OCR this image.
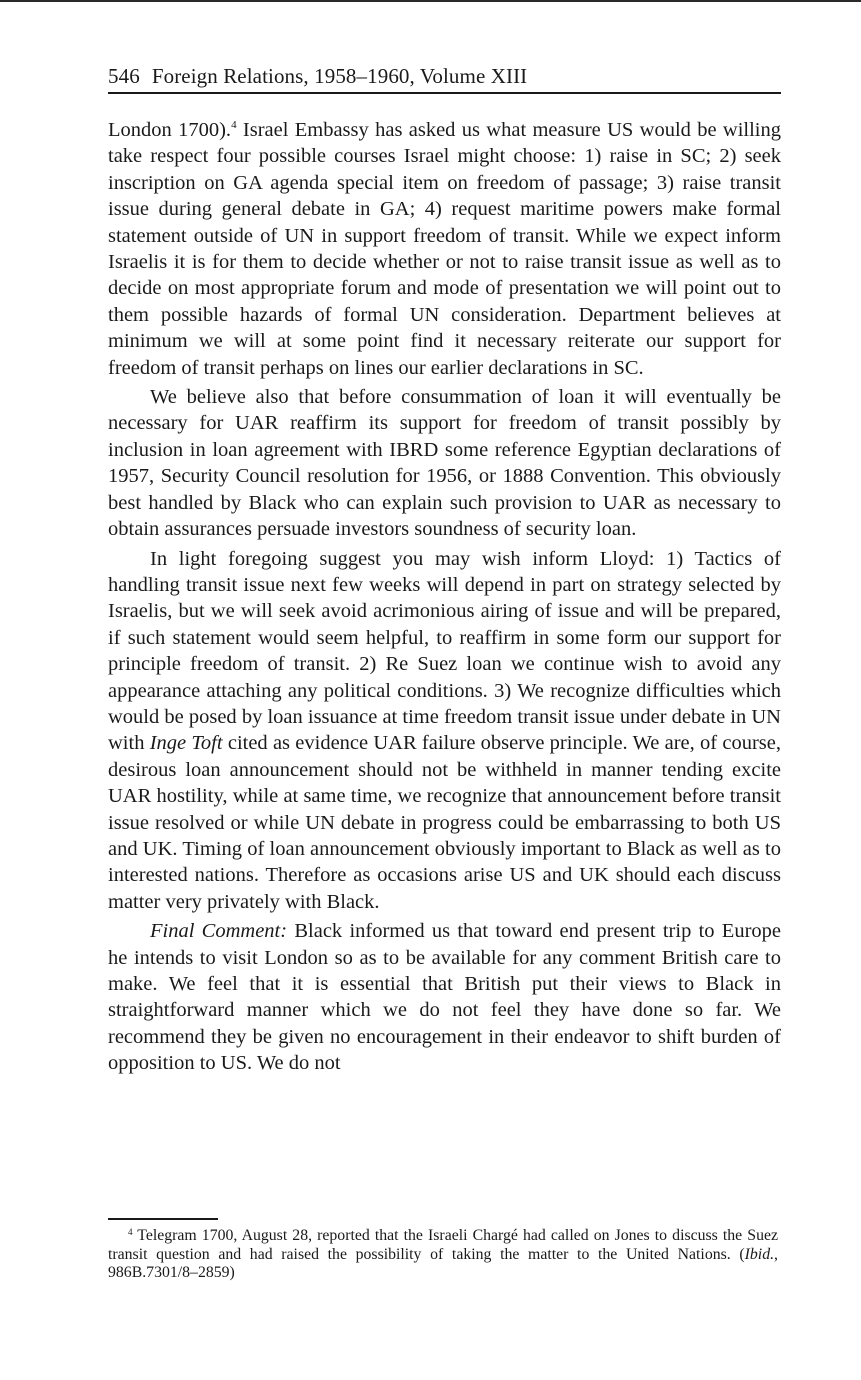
546 Foreign Relations, 1958–1960, Volume XIII

London 1700).$^4$ Israel Embassy has asked us what measure US would be willing take respect four possible courses Israel might choose: 1) raise in SC; 2) seek inscription on GA agenda special item on freedom of passage; 3) raise transit issue during general debate in GA; 4) request maritime powers make formal statement outside of UN in support freedom of transit. While we expect inform Israelis it is for them to decide whether or not to raise transit issue as well as to decide on most appropriate forum and mode of presentation we will point out to them possible hazards of formal UN consideration. Department believes at minimum we will at some point find it necessary reiterate our support for freedom of transit perhaps on lines our earlier declarations in SC.

We believe also that before consummation of loan it will eventually be necessary for UAR reaffirm its support for freedom of transit possibly by inclusion in loan agreement with IBRD some reference Egyptian declarations of 1957, Security Council resolution for 1956, or 1888 Convention. This obviously best handled by Black who can explain such provision to UAR as necessary to obtain assurances persuade investors soundness of security loan.

In light foregoing suggest you may wish inform Lloyd: 1) Tactics of handling transit issue next few weeks will depend in part on strategy selected by Israelis, but we will seek avoid acrimonious airing of issue and will be prepared, if such statement would seem helpful, to reaffirm in some form our support for principle freedom of transit. 2) Re Suez loan we continue wish to avoid any appearance attaching any political conditions. 3) We recognize difficulties which would be posed by loan issuance at time freedom transit issue under debate in UN with Inge Toft cited as evidence UAR failure observe principle. We are, of course, desirous loan announcement should not be withheld in manner tending excite UAR hostility, while at same time, we recognize that announcement before transit issue resolved or while UN debate in progress could be embarrassing to both US and UK. Timing of loan announcement obviously important to Black as well as to interested nations. Therefore as occasions arise US and UK should each discuss matter very privately with Black.

Final Comment: Black informed us that toward end present trip to Europe he intends to visit London so as to be available for any comment British care to make. We feel that it is essential that British put their views to Black in straightforward manner which we do not feel they have done so far. We recommend they be given no encouragement in their endeavor to shift burden of opposition to US. We do not

$^4$ Telegram 1700, August 28, reported that the Israeli Chargé had called on Jones to discuss the Suez transit question and had raised the possibility of taking the matter to the United Nations. (Ibid., 986B.7301/8–2859)
